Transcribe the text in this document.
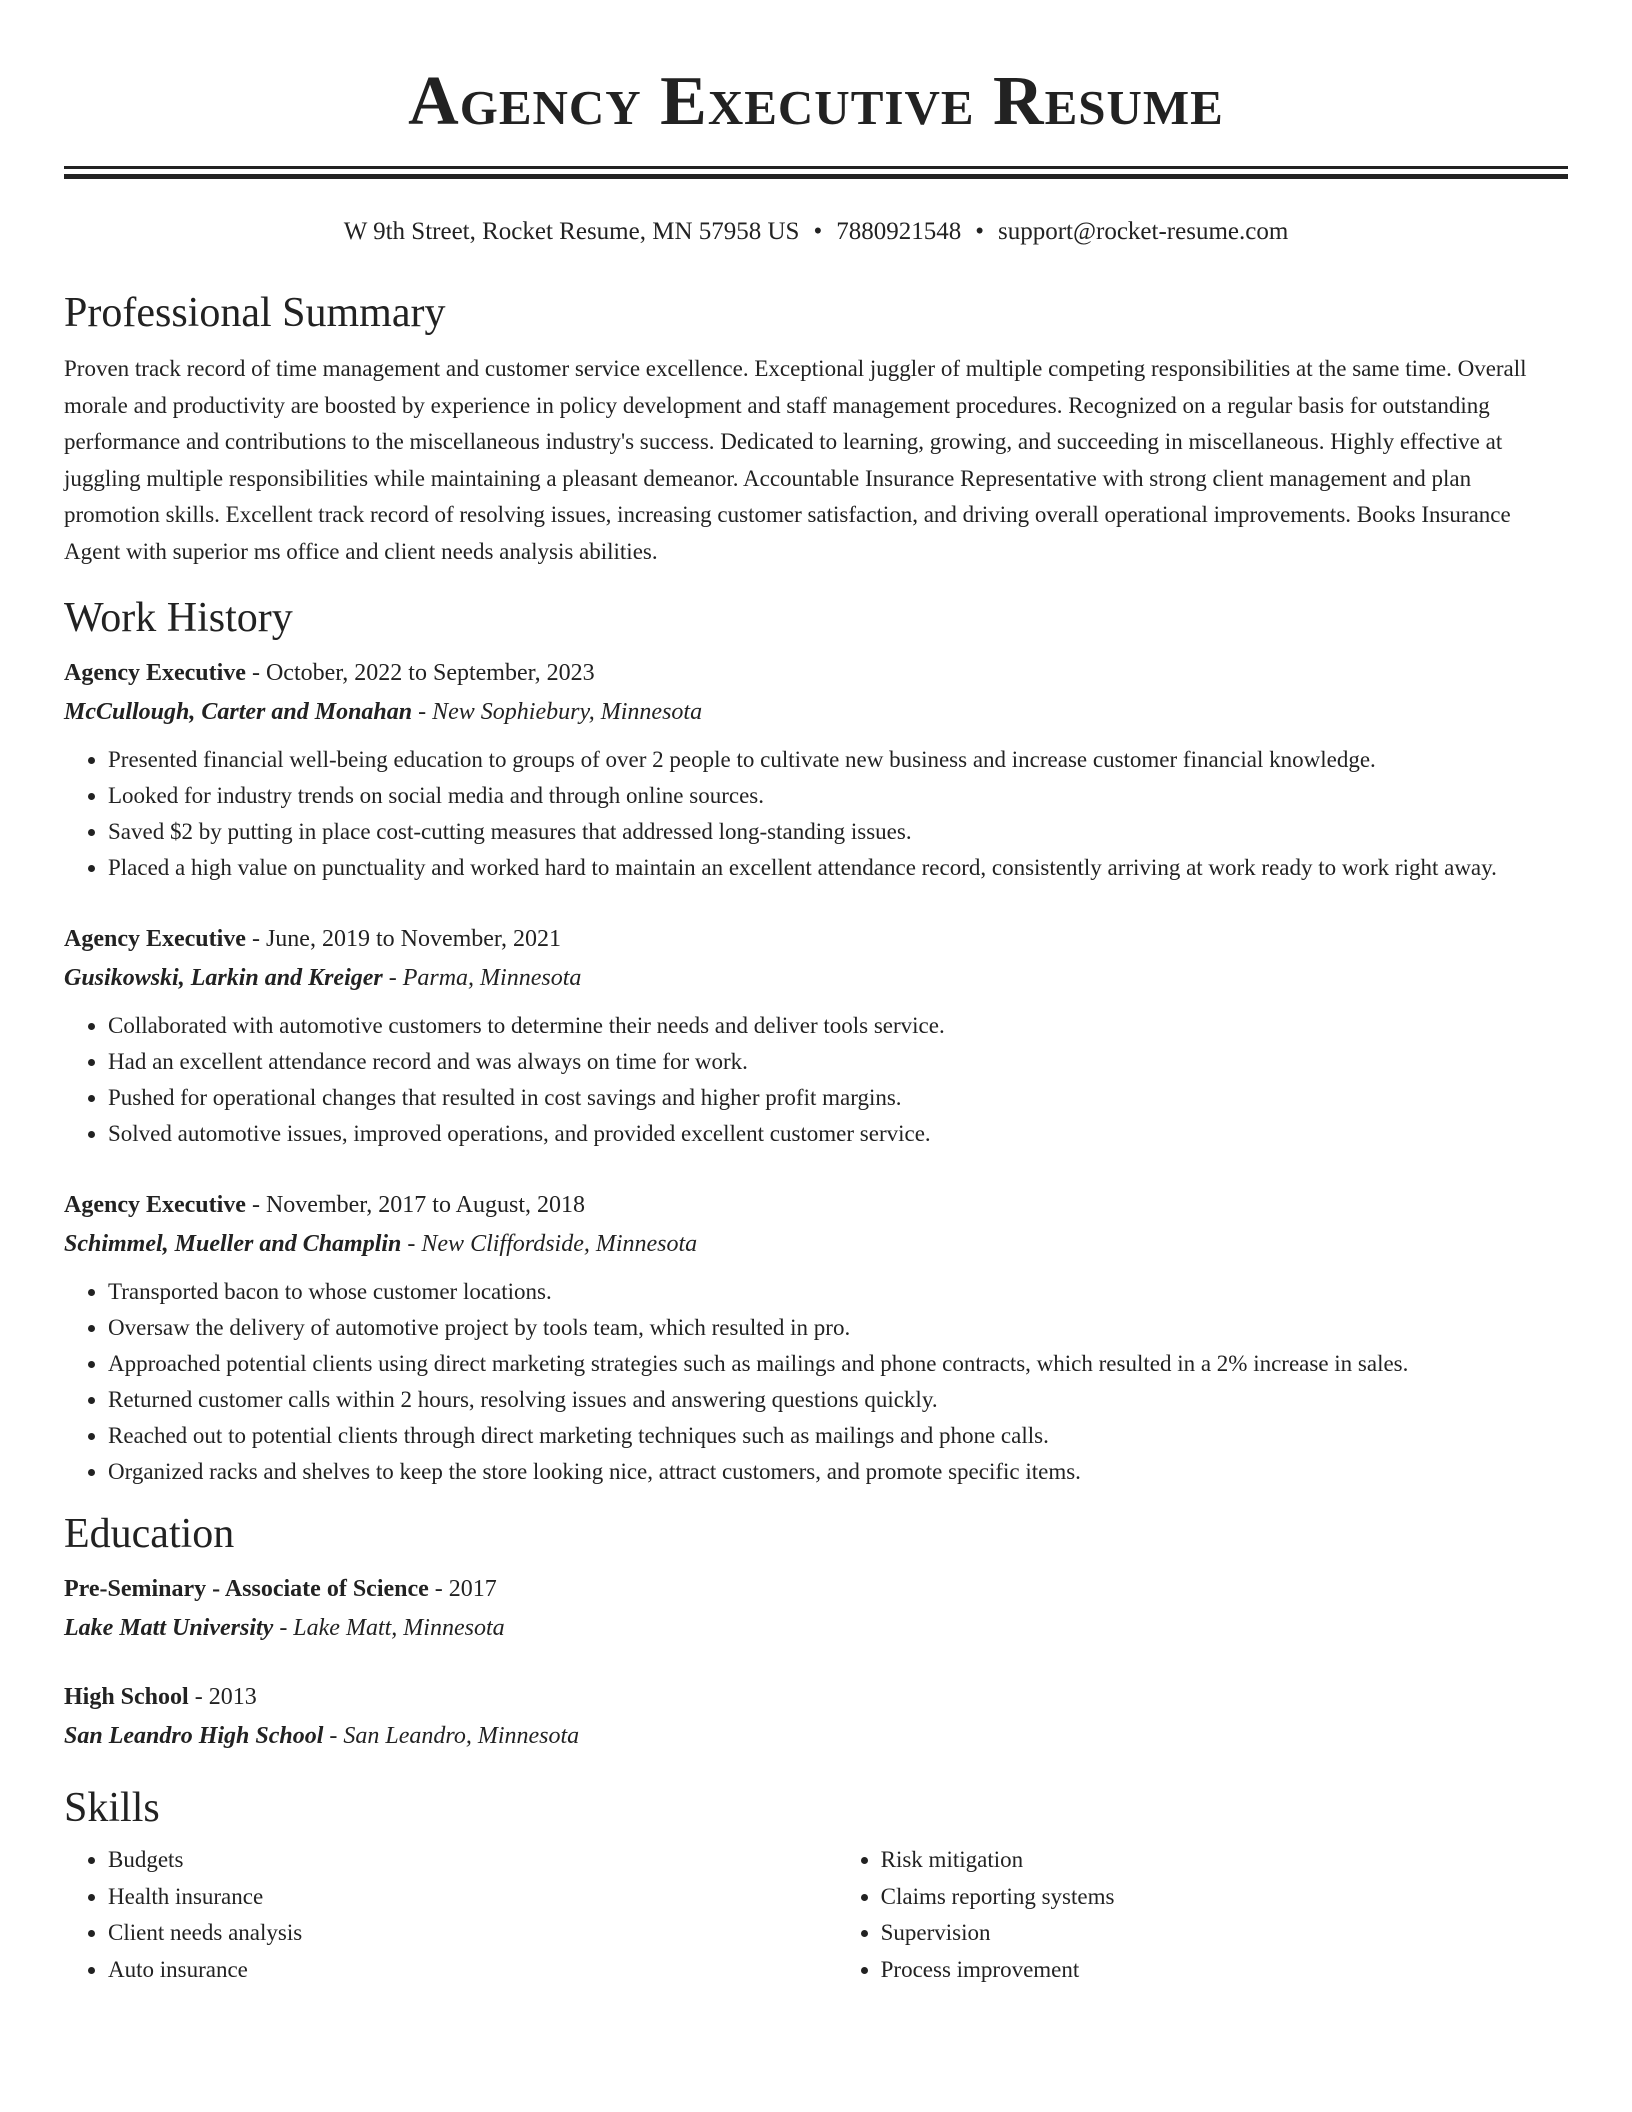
Agency Executive Resume
W 9th Street, Rocket Resume, MN 57958 US • 7880921548 • support@rocket-resume.com
Professional Summary
Proven track record of time management and customer service excellence. Exceptional juggler of multiple competing responsibilities at the same time. Overall morale and productivity are boosted by experience in policy development and staff management procedures. Recognized on a regular basis for outstanding performance and contributions to the miscellaneous industry's success. Dedicated to learning, growing, and succeeding in miscellaneous. Highly effective at juggling multiple responsibilities while maintaining a pleasant demeanor. Accountable Insurance Representative with strong client management and plan promotion skills. Excellent track record of resolving issues, increasing customer satisfaction, and driving overall operational improvements. Books Insurance Agent with superior ms office and client needs analysis abilities.
Work History
Agency Executive - October, 2022 to September, 2023
McCullough, Carter and Monahan - New Sophiebury, Minnesota
• Presented financial well-being education to groups of over 2 people to cultivate new business and increase customer financial knowledge.
• Looked for industry trends on social media and through online sources.
• Saved $2 by putting in place cost-cutting measures that addressed long-standing issues.
• Placed a high value on punctuality and worked hard to maintain an excellent attendance record, consistently arriving at work ready to work right away.
Agency Executive - June, 2019 to November, 2021
Gusikowski, Larkin and Kreiger - Parma, Minnesota
• Collaborated with automotive customers to determine their needs and deliver tools service.
• Had an excellent attendance record and was always on time for work.
• Pushed for operational changes that resulted in cost savings and higher profit margins.
• Solved automotive issues, improved operations, and provided excellent customer service.
Agency Executive - November, 2017 to August, 2018
Schimmel, Mueller and Champlin - New Cliffordside, Minnesota
• Transported bacon to whose customer locations.
• Oversaw the delivery of automotive project by tools team, which resulted in pro.
• Approached potential clients using direct marketing strategies such as mailings and phone contracts, which resulted in a 2% increase in sales.
• Returned customer calls within 2 hours, resolving issues and answering questions quickly.
• Reached out to potential clients through direct marketing techniques such as mailings and phone calls.
• Organized racks and shelves to keep the store looking nice, attract customers, and promote specific items.
Education
Pre-Seminary - Associate of Science - 2017
Lake Matt University - Lake Matt, Minnesota
High School - 2013
San Leandro High School - San Leandro, Minnesota
Skills
• Budgets
• Health insurance
• Client needs analysis
• Auto insurance
• Risk mitigation
• Claims reporting systems
• Supervision
• Process improvement
